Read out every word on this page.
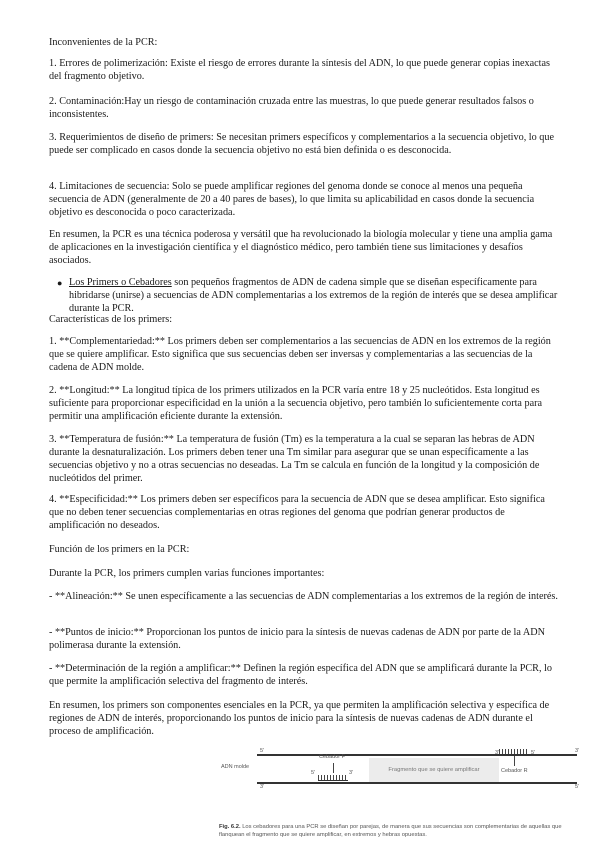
Inconvenientes de la PCR:

1. Errores de polimerización: Existe el riesgo de errores durante la síntesis del ADN, lo que puede generar copias inexactas del fragmento objetivo.

2. Contaminación:Hay un riesgo de contaminación cruzada entre las muestras, lo que puede generar resultados falsos o inconsistentes.

3. Requerimientos de diseño de primers: Se necesitan primers específicos y complementarios a la secuencia objetivo, lo que puede ser complicado en casos donde la secuencia objetivo no está bien definida o es desconocida.

4. Limitaciones de secuencia: Solo se puede amplificar regiones del genoma donde se conoce al menos una pequeña secuencia de ADN (generalmente de 20 a 40 pares de bases), lo que limita su aplicabilidad en casos donde la secuencia objetivo es desconocida o poco caracterizada.

En resumen, la PCR es una técnica poderosa y versátil que ha revolucionado la biología molecular y tiene una amplia gama de aplicaciones en la investigación científica y el diagnóstico médico, pero también tiene sus limitaciones y desafíos asociados.

● Los Primers o Cebadores son pequeños fragmentos de ADN de cadena simple que se diseñan específicamente para hibridarse (unirse) a secuencias de ADN complementarias a los extremos de la región de interés que se desea amplificar durante la PCR.

Características de los primers:

1. **Complementariedad:** Los primers deben ser complementarios a las secuencias de ADN en los extremos de la región que se quiere amplificar. Esto significa que sus secuencias deben ser inversas y complementarias a las secuencias de la cadena de ADN molde.

2. **Longitud:** La longitud típica de los primers utilizados en la PCR varía entre 18 y 25 nucleótidos. Esta longitud es suficiente para proporcionar especificidad en la unión a la secuencia objetivo, pero también lo suficientemente corta para permitir una amplificación eficiente durante la extensión.

3. **Temperatura de fusión:** La temperatura de fusión (Tm) es la temperatura a la cual se separan las hebras de ADN durante la desnaturalización. Los primers deben tener una Tm similar para asegurar que se unan específicamente a las secuencias objetivo y no a otras secuencias no deseadas. La Tm se calcula en función de la longitud y la composición de nucleótidos del primer.

4. **Especificidad:** Los primers deben ser específicos para la secuencia de ADN que se desea amplificar. Esto significa que no deben tener secuencias complementarias en otras regiones del genoma que podrían generar productos de amplificación no deseados.

Función de los primers en la PCR:

Durante la PCR, los primers cumplen varias funciones importantes:

- **Alineación:** Se unen específicamente a las secuencias de ADN complementarias a los extremos de la región de interés.

- **Puntos de inicio:** Proporcionan los puntos de inicio para la síntesis de nuevas cadenas de ADN por parte de la ADN polimerasa durante la extensión.

- **Determinación de la región a amplificar:** Definen la región específica del ADN que se amplificará durante la PCR, lo que permite la amplificación selectiva del fragmento de interés.

En resumen, los primers son componentes esenciales en la PCR, ya que permiten la amplificación selectiva y específica de regiones de ADN de interés, proporcionando los puntos de inicio para la síntesis de nuevas cadenas de ADN durante el proceso de amplificación.

ADN molde
5'	3'
Fragmento que se quiere amplificar
3'	5'
Cebador R
3'	5'
Cebador F
5'	3'

Fig. 6.2. Los cebadores para una PCR se diseñan por parejas, de manera que sus secuencias son complementarias de aquellas que flanquean el fragmento que se quiere amplificar, en extremos y hebras opuestas.
